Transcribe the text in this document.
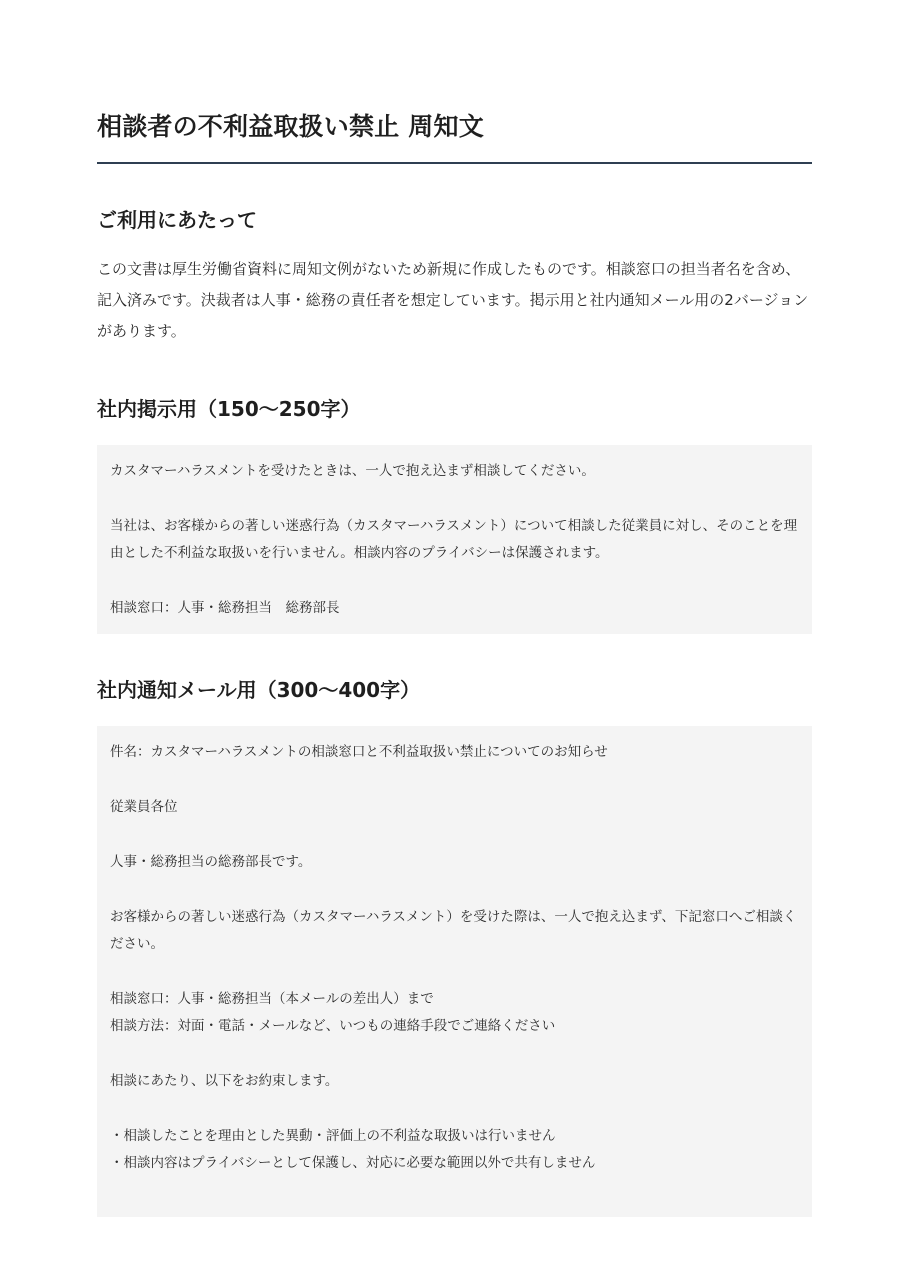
相談者の不利益取扱い禁止 周知文
ご利用にあたって

この文書は厚生労働省資料に周知文例がないため新規に作成したものです。相談窓口の担当者名を含め、記入済みです。決裁者は人事・総務の責任者を想定しています。掲示用と社内通知メール用の2バージョンがあります。

社内掲示用（150〜250字）

カスタマーハラスメントを受けたときは、一人で抱え込まず相談してください。

当社は、お客様からの著しい迷惑行為（カスタマーハラスメント）について相談した従業員に対し、そのことを理由とした不利益な取扱いを行いません。相談内容のプライバシーは保護されます。

相談窓口：人事・総務担当　総務部長

社内通知メール用（300〜400字）

件名：カスタマーハラスメントの相談窓口と不利益取扱い禁止についてのお知らせ

従業員各位

人事・総務担当の総務部長です。

お客様からの著しい迷惑行為（カスタマーハラスメント）を受けた際は、一人で抱え込まず、下記窓口へご相談ください。

相談窓口：人事・総務担当（本メールの差出人）まで

相談方法：対面・電話・メールなど、いつもの連絡手段でご連絡ください

相談にあたり、以下をお約束します。

・相談したことを理由とした異動・評価上の不利益な取扱いは行いません

・相談内容はプライバシーとして保護し、対応に必要な範囲以外で共有しません
